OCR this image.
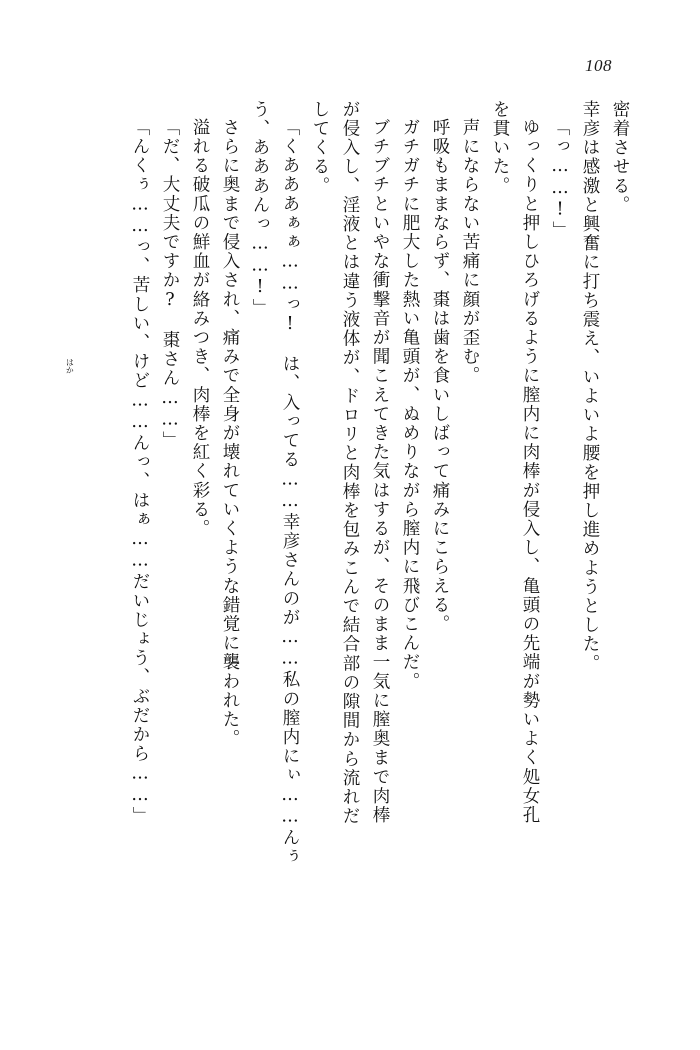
108
密着させる。
幸彦は感激と興奮に打ち震え、いよいよ腰を押し進めようとした。
「っ……!」
ゆっくりと押しひろげるように膣内に肉棒が侵入し、亀頭の先端が勢いよく処女孔
を貫いた。
声にならない苦痛に顔が歪む。
呼吸もままならず、棗は歯を食いしばって痛みにこらえる。
ガチガチに肥大した熱い亀頭が、ぬめりながら膣内に飛びこんだ。
ブチブチといやな衝撃音が聞こえてきた気はするが、そのまま一気に膣奥まで肉棒
が侵入し、淫液とは違う液体が、ドロリと肉棒を包みこんで結合部の隙間から流れだ
してくる。
「くあああぁぁ……っ!　は、入ってる……幸彦さんのが……私の膣内にぃ……んぅ
う、あああんっ……!」
さらに奥まで侵入され、痛みで全身が壊れていくような錯覚に襲われた。
溢れる破瓜の鮮血が絡みつき、肉棒を紅く彩る。
はか	「だ、大丈夫ですか?　棗さん……」
「んくぅ……っ、苦しい、けど……んっ、はぁ……だいじょう、ぶだから……」
